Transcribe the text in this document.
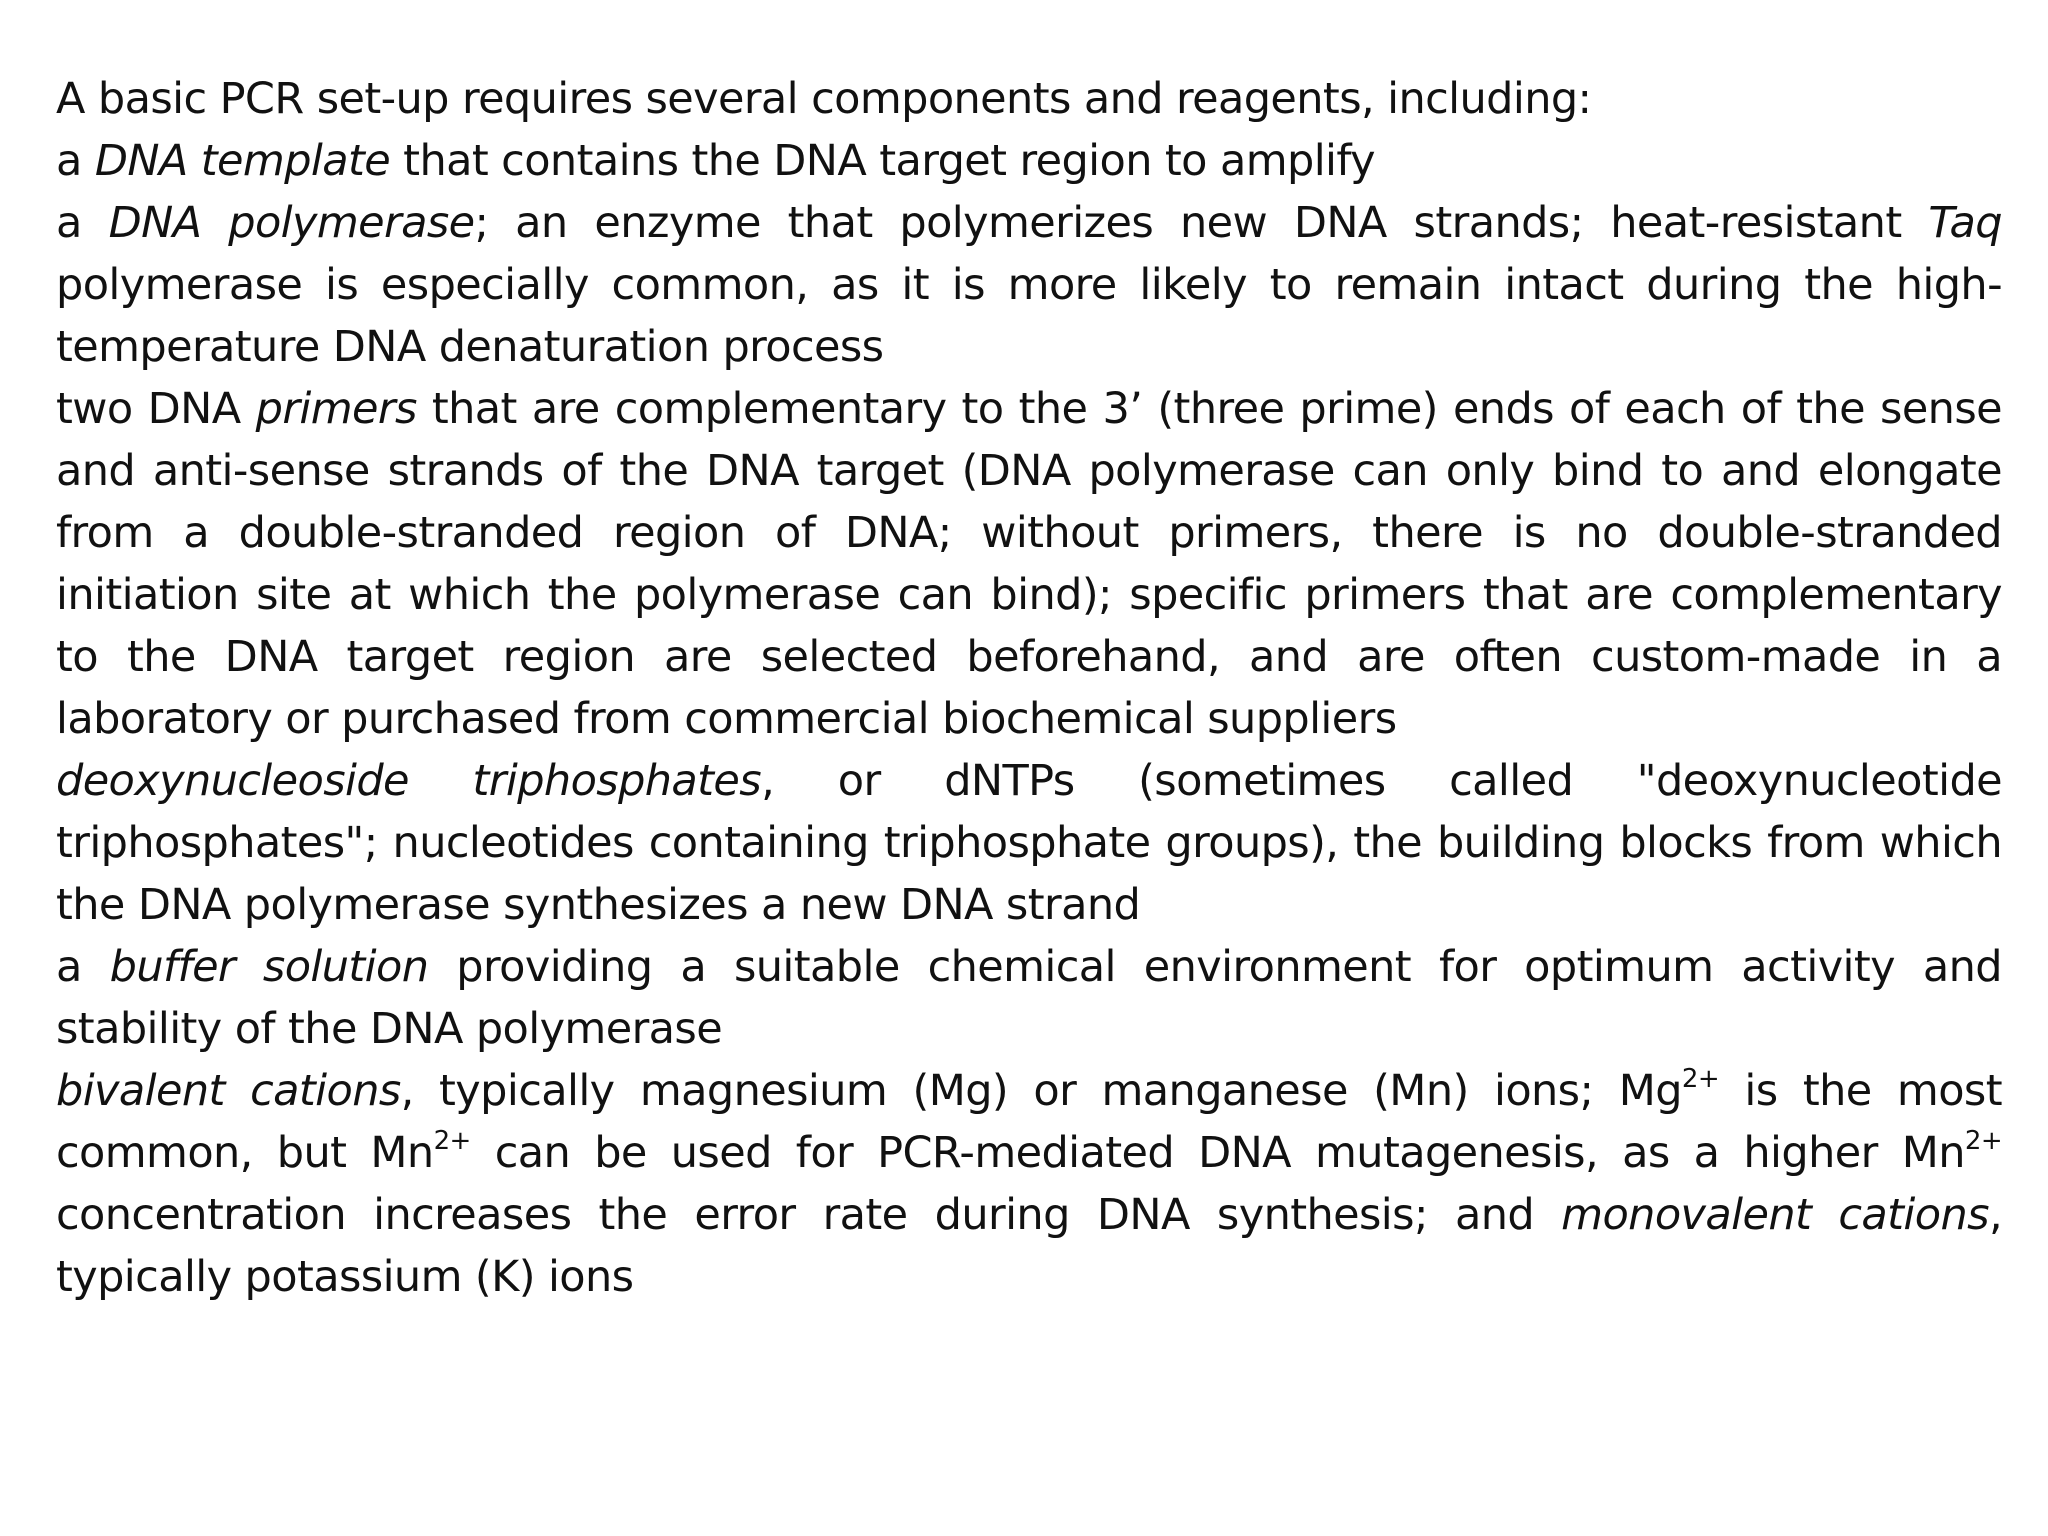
A basic PCR set-up requires several components and reagents, including:

a DNA template that contains the DNA target region to amplify

a DNA polymerase; an enzyme that polymerizes new DNA strands; heat-resistant Taq polymerase is especially common, as it is more likely to remain intact during the high-temperature DNA denaturation process

two DNA primers that are complementary to the 3’ (three prime) ends of each of the sense and anti-sense strands of the DNA target (DNA polymerase can only bind to and elongate from a double-stranded region of DNA; without primers, there is no double-stranded initiation site at which the polymerase can bind); specific primers that are complementary to the DNA target region are selected beforehand, and are often custom-made in a laboratory or purchased from commercial biochemical suppliers

deoxynucleoside triphosphates, or dNTPs (sometimes called "deoxynucleotide triphosphates"; nucleotides containing triphosphate groups), the building blocks from which the DNA polymerase synthesizes a new DNA strand

a buffer solution providing a suitable chemical environment for optimum activity and stability of the DNA polymerase

bivalent cations, typically magnesium (Mg) or manganese (Mn) ions; $Mg^{2+}$ is the most common, but $Mn^{2+}$ can be used for PCR-mediated DNA mutagenesis, as a higher $Mn^{2+}$ concentration increases the error rate during DNA synthesis; and monovalent cations, typically potassium (K) ions
